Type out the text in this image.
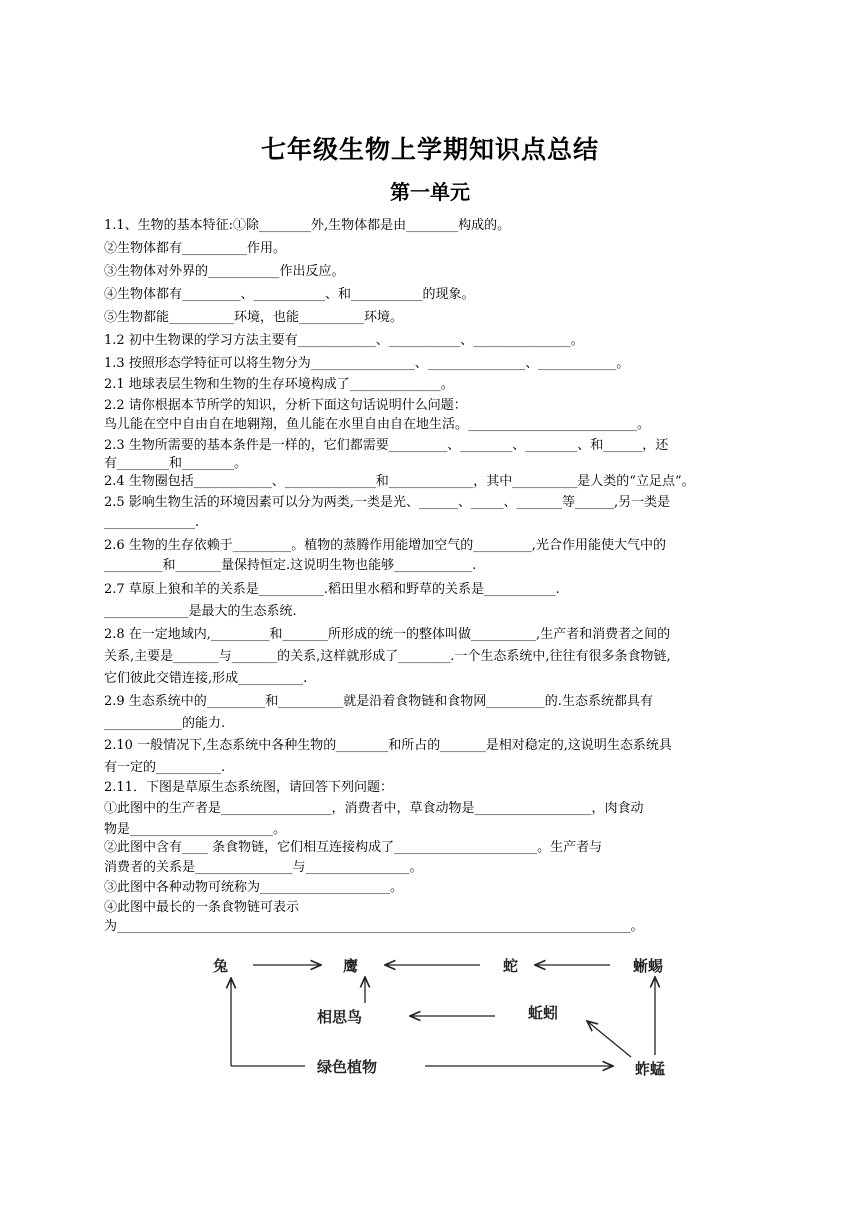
七年级生物上学期知识点总结
第一单元
1.1、生物的基本特征:①除________外,生物体都是由________构成的。
②生物体都有__________作用。
③生物体对外界的___________作出反应。
④生物体都有_________、___________、和___________的现象。
⑤生物都能__________环境，也能__________环境。
1.2 初中生物课的学习方法主要有____________、___________、_______________。
1.3 按照形态学特征可以将生物分为________________、_______________、____________。
2.1 地球表层生物和生物的生存环境构成了______________。
2.2 请你根据本节所学的知识，分析下面这句话说明什么问题：
鸟儿能在空中自由自在地翱翔，鱼儿能在水里自由自在地生活。__________________________。
2.3 生物所需要的基本条件是一样的，它们都需要_________、________、________、和______，还
有________和________。
2.4 生物圈包括____________、______________和_____________，其中__________是人类的“立足点”。
2.5 影响生物生活的环境因素可以分为两类,一类是光、______、_____、_______等______,另一类是
______________.
2.6 生物的生存依赖于_________。植物的蒸腾作用能增加空气的_________,光合作用能使大气中的
_________和_______量保持恒定.这说明生物也能够____________.
2.7 草原上狼和羊的关系是__________.稻田里水稻和野草的关系是___________.
_____________是最大的生态系统.
2.8 在一定地域内,_________和_______所形成的统一的整体叫做__________,生产者和消费者之间的
关系,主要是_______与_______的关系,这样就形成了________.一个生态系统中,往往有很多条食物链,
它们彼此交错连接,形成__________.
2.9 生态系统中的_________和__________就是沿着食物链和食物网_________的.生态系统都具有
____________的能力.
2.10 一般情况下,生态系统中各种生物的________和所占的_______是相对稳定的,这说明生态系统具
有一定的__________.
2.11．下图是草原生态系统图，请回答下列问题：
①此图中的生产者是_________________，消费者中，草食动物是__________________，肉食动
物是______________________。
②此图中含有____ 条食物链，它们相互连接构成了______________________。生产者与
消费者的关系是_______________与________________。
③此图中各种动物可统称为____________________。
④此图中最长的一条食物链可表示
为_______________________________________________________________________________。
兔	鹰	蛇	蜥蜴
相思鸟	蚯蚓
绿色植物	蚱蜢
